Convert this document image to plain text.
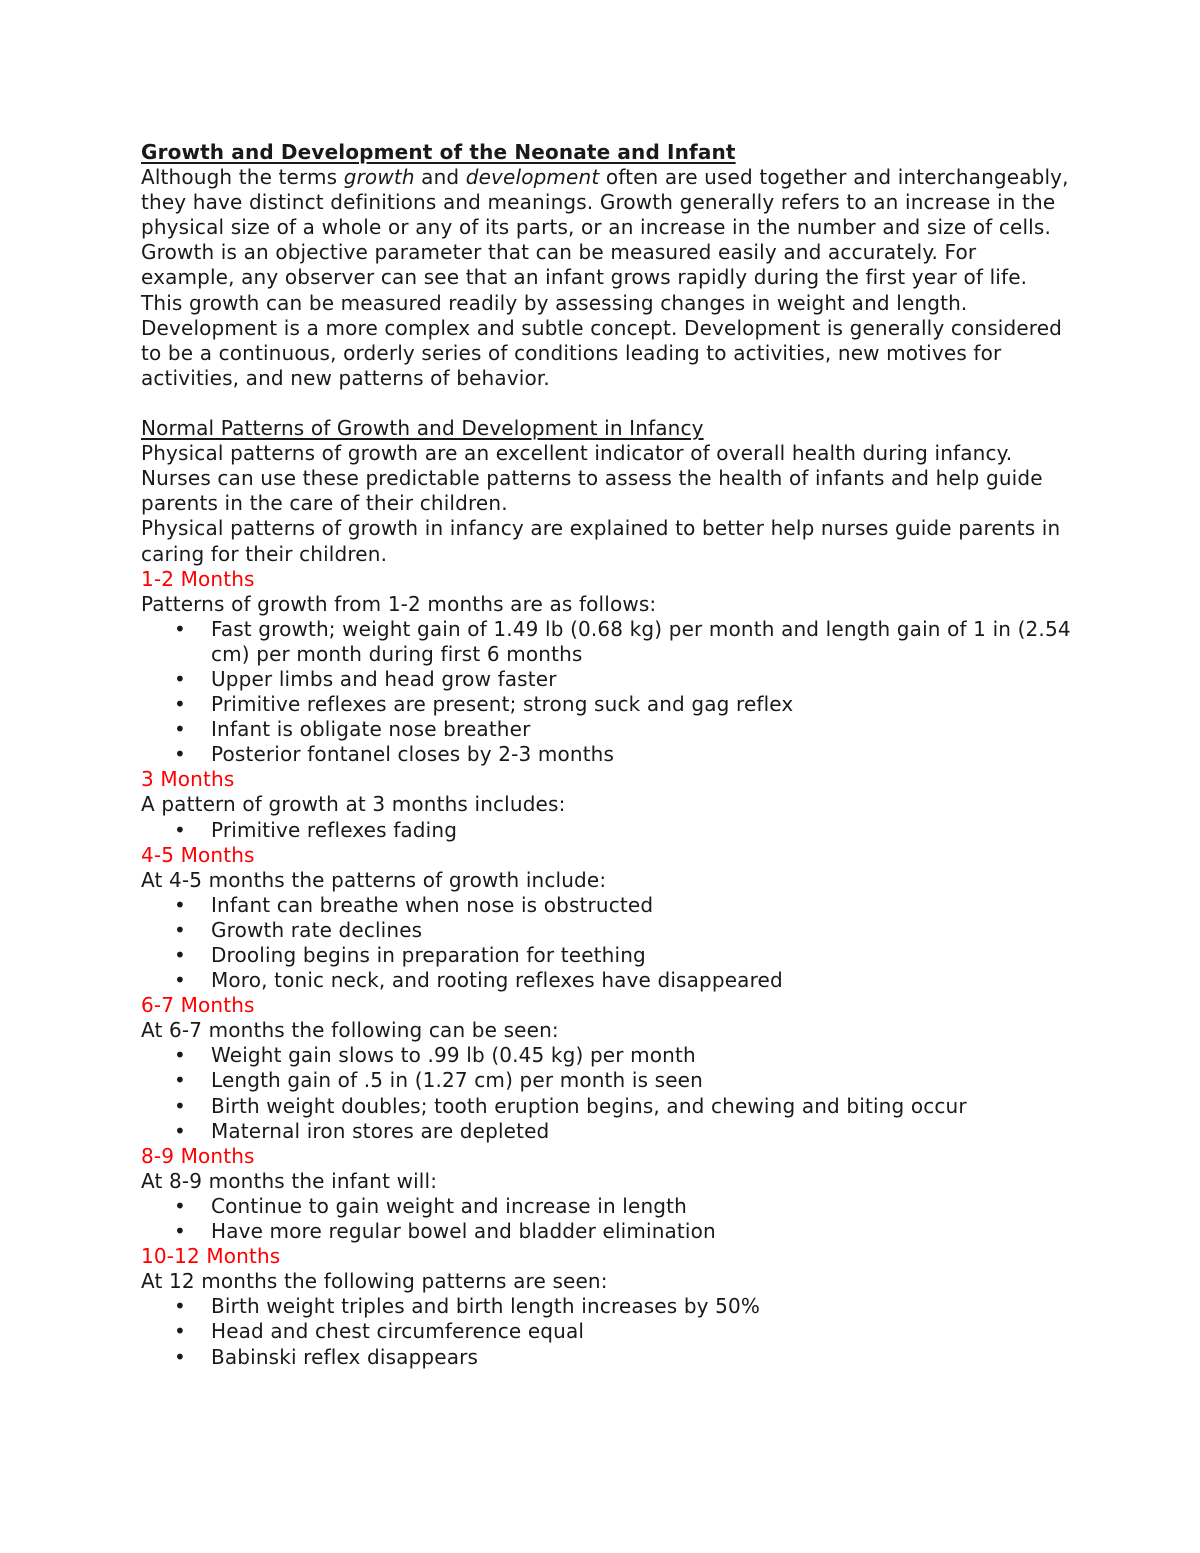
Growth and Development of the Neonate and Infant

Although the terms growth and development often are used together and interchangeably, they have distinct definitions and meanings. Growth generally refers to an increase in the physical size of a whole or any of its parts, or an increase in the number and size of cells. Growth is an objective parameter that can be measured easily and accurately. For example, any observer can see that an infant grows rapidly during the first year of life. This growth can be measured readily by assessing changes in weight and length. Development is a more complex and subtle concept. Development is generally considered to be a continuous, orderly series of conditions leading to activities, new motives for activities, and new patterns of behavior.

Normal Patterns of Growth and Development in Infancy

Physical patterns of growth are an excellent indicator of overall health during infancy. Nurses can use these predictable patterns to assess the health of infants and help guide parents in the care of their children.

Physical patterns of growth in infancy are explained to better help nurses guide parents in caring for their children.

1-2 Months

Patterns of growth from 1-2 months are as follows:

• Fast growth; weight gain of 1.49 lb (0.68 kg) per month and length gain of 1 in (2.54 cm) per month during first 6 months
• Upper limbs and head grow faster
• Primitive reflexes are present; strong suck and gag reflex
• Infant is obligate nose breather
• Posterior fontanel closes by 2-3 months

3 Months

A pattern of growth at 3 months includes:

• Primitive reflexes fading

4-5 Months

At 4-5 months the patterns of growth include:

• Infant can breathe when nose is obstructed
• Growth rate declines
• Drooling begins in preparation for teething
• Moro, tonic neck, and rooting reflexes have disappeared

6-7 Months

At 6-7 months the following can be seen:

• Weight gain slows to .99 lb (0.45 kg) per month
• Length gain of .5 in (1.27 cm) per month is seen
• Birth weight doubles; tooth eruption begins, and chewing and biting occur
• Maternal iron stores are depleted

8-9 Months

At 8-9 months the infant will:

• Continue to gain weight and increase in length
• Have more regular bowel and bladder elimination

10-12 Months

At 12 months the following patterns are seen:

• Birth weight triples and birth length increases by 50%
• Head and chest circumference equal
• Babinski reflex disappears
